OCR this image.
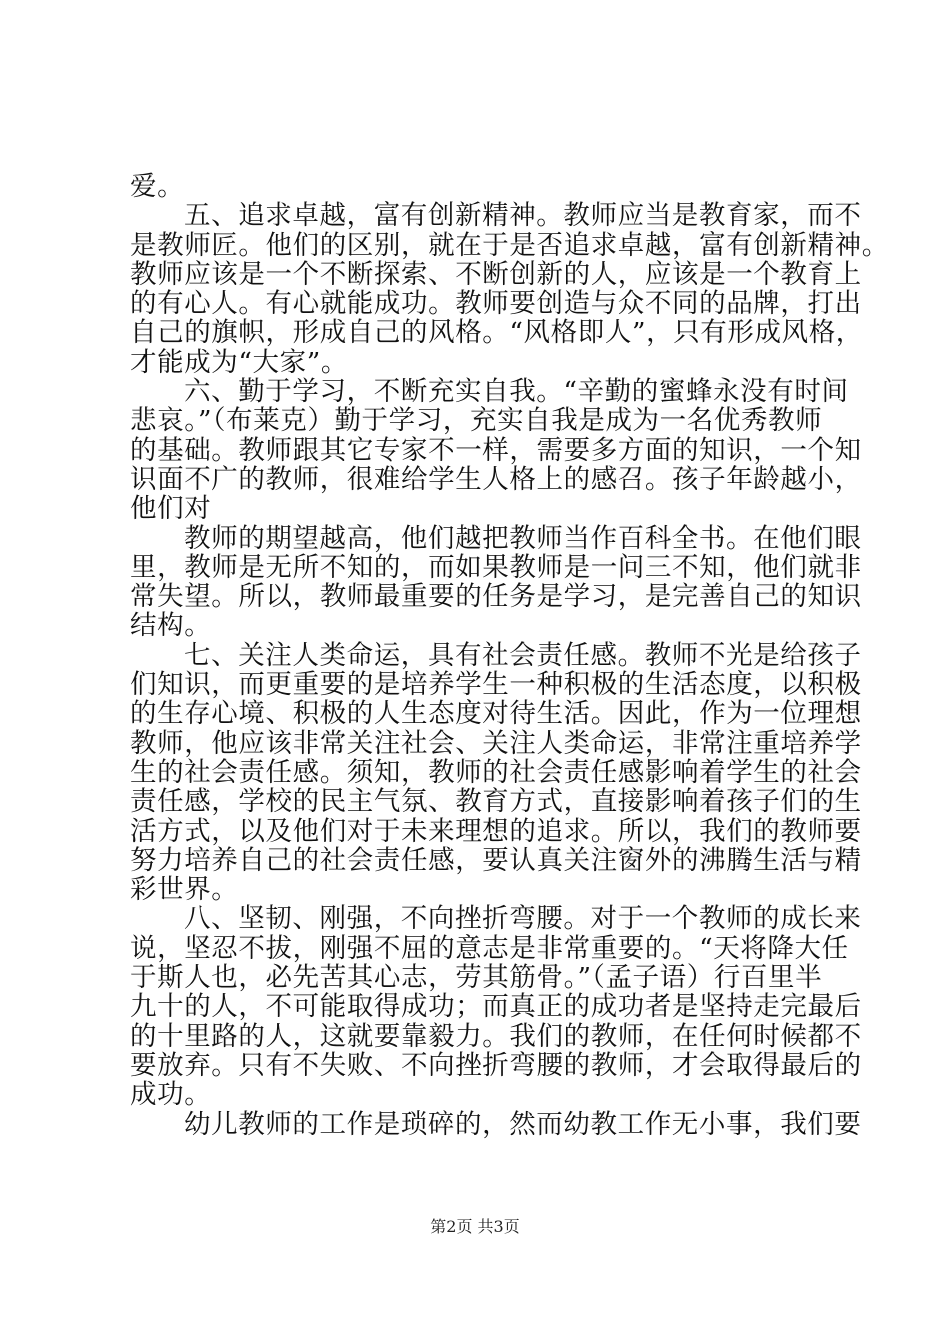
爱。
五、追求卓越，富有创新精神。教师应当是教育家，而不
是教师匠。他们的区别，就在于是否追求卓越，富有创新精神。
教师应该是一个不断探索、不断创新的人，应该是一个教育上
的有心人。有心就能成功。教师要创造与众不同的品牌，打出
自己的旗帜，形成自己的风格。“风格即人”，只有形成风格，
才能成为“大家”。
六、勤于学习，不断充实自我。“辛勤的蜜蜂永没有时间
悲哀。”（布莱克）勤于学习，充实自我是成为一名优秀教师
的基础。教师跟其它专家不一样，需要多方面的知识，一个知
识面不广的教师，很难给学生人格上的感召。孩子年龄越小，
他们对
教师的期望越高，他们越把教师当作百科全书。在他们眼
里，教师是无所不知的，而如果教师是一问三不知，他们就非
常失望。所以，教师最重要的任务是学习，是完善自己的知识
结构。
七、关注人类命运，具有社会责任感。教师不光是给孩子
们知识，而更重要的是培养学生一种积极的生活态度，以积极
的生存心境、积极的人生态度对待生活。因此，作为一位理想
教师，他应该非常关注社会、关注人类命运，非常注重培养学
生的社会责任感。须知，教师的社会责任感影响着学生的社会
责任感，学校的民主气氛、教育方式，直接影响着孩子们的生
活方式，以及他们对于未来理想的追求。所以，我们的教师要
努力培养自己的社会责任感，要认真关注窗外的沸腾生活与精
彩世界。
八、坚韧、刚强，不向挫折弯腰。对于一个教师的成长来
说，坚忍不拔，刚强不屈的意志是非常重要的。“天将降大任
于斯人也，必先苦其心志，劳其筋骨。”（孟子语）行百里半
九十的人，不可能取得成功；而真正的成功者是坚持走完最后
的十里路的人，这就要靠毅力。我们的教师，在任何时候都不
要放弃。只有不失败、不向挫折弯腰的教师，才会取得最后的
成功。
幼儿教师的工作是琐碎的，然而幼教工作无小事，我们要
第2页 共3页
